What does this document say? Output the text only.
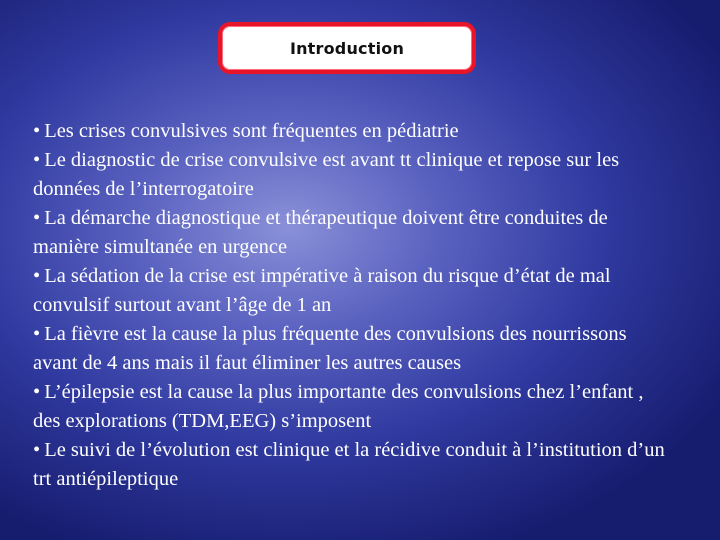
Introduction
• Les crises convulsives sont fréquentes en pédiatrie
• Le diagnostic de crise convulsive est avant tt clinique et repose sur les données de l’interrogatoire
• La démarche diagnostique et thérapeutique doivent être conduites de manière simultanée en urgence
• La sédation de la crise est impérative à raison du risque d’état de mal convulsif surtout avant l’âge de 1 an
• La fièvre est la cause la plus fréquente des convulsions des nourrissons avant de 4 ans mais il faut éliminer les autres causes
• L’épilepsie est la cause la plus importante des convulsions chez l’enfant , des explorations (TDM,EEG) s’imposent
• Le suivi de l’évolution est clinique et la récidive conduit à l’institution d’un trt antiépileptique
